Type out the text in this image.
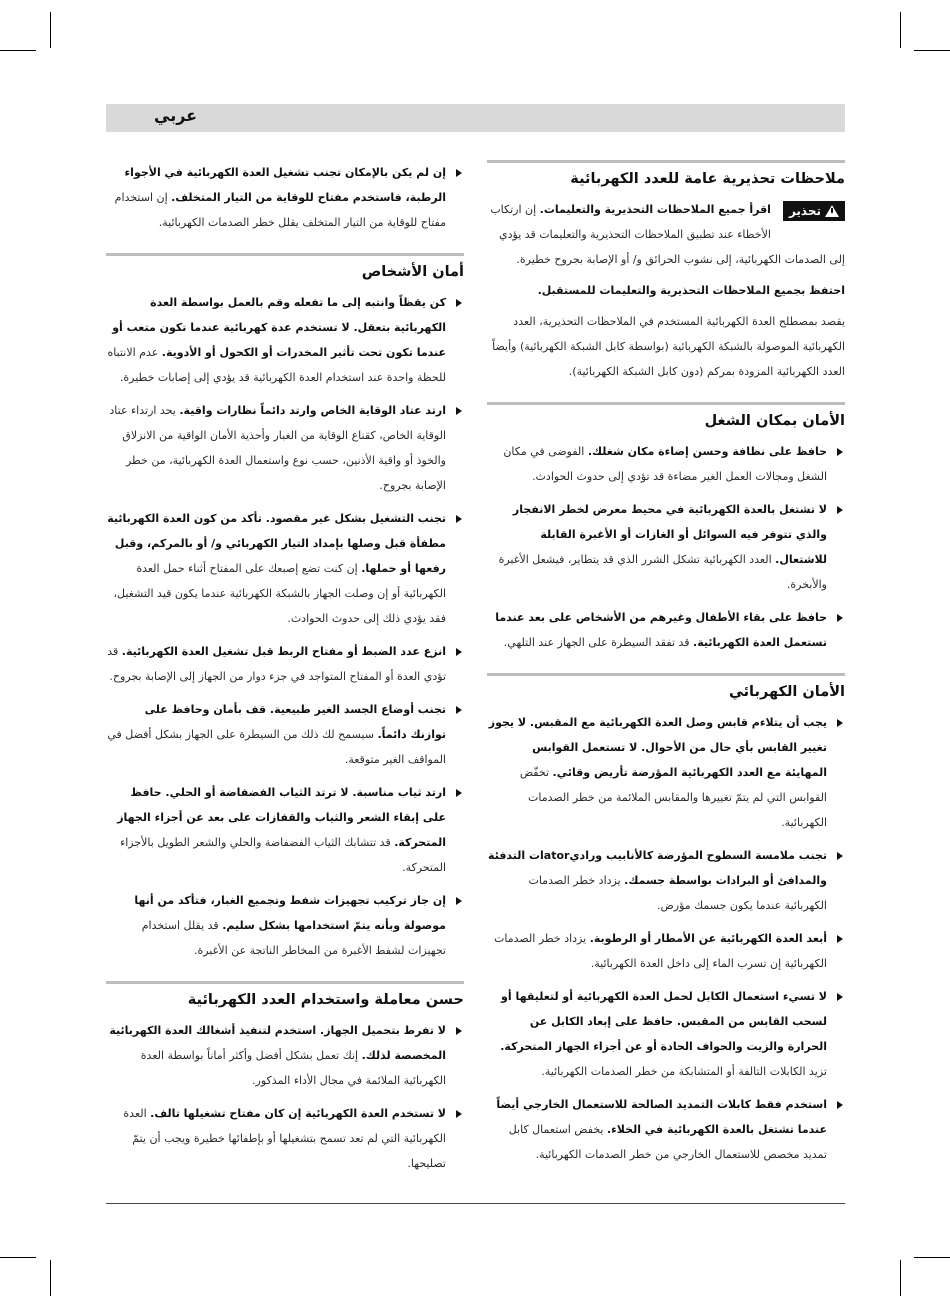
عربي
ملاحظات تحذيرية عامة للعدد الكهربائية
تحذير

اقرأ جميع الملاحظات التحذيرية والتعليمات. إن ارتكاب الأخطاء عند تطبيق الملاحظات التحذيرية والتعليمات قد يؤدي إلى الصدمات الكهربائية، إلى نشوب الحرائق و/ أو الإصابة بجروح خطيرة.

احتفظ بجميع الملاحظات التحذيرية والتعليمات للمستقبل.

يقصد بمصطلح العدة الكهربائية المستخدم في الملاحظات التحذيرية، العدد الكهربائية الموصولة بالشبكة الكهربائية (بواسطة كابل الشبكة الكهربائية) وأيضاً العدد الكهربائية المزودة بمركم (دون كابل الشبكة الكهربائية).

الأمان بمكان الشغل
حافظ على نظافة وحسن إضاءة مكان شغلك. الفوضى في مكان الشغل ومجالات العمل الغير مضاءة قد تؤدي إلى حدوث الحوادث.
لا تشتغل بالعدة الكهربائية في محيط معرض لخطر الانفجار والذي تتوفر فيه السوائل أو الغازات أو الأغبرة القابلة للاشتعال. العدد الكهربائية تشكل الشرر الذي قد يتطاير، فيشعل الأغبرة والأبخرة.
حافظ على بقاء الأطفال وغيرهم من الأشخاص على بعد عندما تستعمل العدة الكهربائية. قد تفقد السيطرة على الجهاز عند التلهي.
الأمان الكهربائي
يجب أن يتلاءم قابس وصل العدة الكهربائية مع المقبس. لا يجوز تغيير القابس بأي حال من الأحوال. لا تستعمل القوابس المهايئة مع العدد الكهربائية المؤرضة تأريض وقائي. تخفّض القوابس التي لم يتمّ تغييرها والمقابس الملائمة من خطر الصدمات الكهربائية.
تجنب ملامسة السطوح المؤرضة كالأنابيب وراديatorات التدفئة والمدافئ أو البرادات بواسطة جسمك. يزداد خطر الصدمات الكهربائية عندما يكون جسمك مؤرض.
أبعد العدة الكهربائية عن الأمطار أو الرطوبة. يزداد خطر الصدمات الكهربائية إن تسرب الماء إلى داخل العدة الكهربائية.
لا تسيء استعمال الكابل لحمل العدة الكهربائية أو لتعليقها أو لسحب القابس من المقبس. حافظ على إبعاد الكابل عن الحرارة والزيت والحواف الحادة أو عن أجزاء الجهاز المتحركة. تزيد الكابلات التالفة أو المتشابكة من خطر الصدمات الكهربائية.
استخدم فقط كابلات التمديد الصالحة للاستعمال الخارجي أيضاً عندما تشتغل بالعدة الكهربائية في الخلاء. يخفض استعمال كابل تمديد مخصص للاستعمال الخارجي من خطر الصدمات الكهربائية.
إن لم يكن بالإمكان تجنب تشغيل العدة الكهربائية في الأجواء الرطبة، فاستخدم مفتاح للوقاية من التيار المتخلف. إن استخدام مفتاح للوقاية من التيار المتخلف يقلل خطر الصدمات الكهربائية.
أمان الأشخاص
كن يقظاً وانتبه إلى ما تفعله وقم بالعمل بواسطة العدة الكهربائية بتعقل. لا تستخدم عدة كهربائية عندما تكون متعب أو عندما تكون تحت تأثير المخدرات أو الكحول أو الأدوية. عدم الانتباه للحظة واحدة عند استخدام العدة الكهربائية قد يؤدي إلى إصابات خطيرة.
ارتد عتاد الوقاية الخاص وارتد دائماً نظارات واقية. يحد ارتداء عتاد الوقاية الخاص، كقناع الوقاية من الغبار وأحذية الأمان الواقية من الانزلاق والخوذ أو واقية الأذنين، حسب نوع واستعمال العدة الكهربائية، من خطر الإصابة بجروح.
تجنب التشغيل بشكل غير مقصود. تأكد من كون العدة الكهربائية مطفأة قبل وصلها بإمداد التيار الكهربائي و/ أو بالمركم، وقبل رفعها أو حملها. إن كنت تضع إصبعك على المفتاح أثناء حمل العدة الكهربائية أو إن وصلت الجهاز بالشبكة الكهربائية عندما يكون قيد التشغيل، فقد يؤدي ذلك إلى حدوث الحوادث.
انزع عدد الضبط أو مفتاح الربط قبل تشغيل العدة الكهربائية. قد تؤدي العدة أو المفتاح المتواجد في جزء دوار من الجهاز إلى الإصابة بجروح.
تجنب أوضاع الجسد الغير طبيعية. قف بأمان وحافظ على توازنك دائماً. سيسمح لك ذلك من السيطرة على الجهاز بشكل أفضل في المواقف الغير متوقعة.
ارتد ثياب مناسبة. لا ترتد الثياب الفضفاضة أو الحلي. حافظ على إبقاء الشعر والثياب والقفازات على بعد عن أجزاء الجهاز المتحركة. قد تتشابك الثياب الفضفاضة والحلي والشعر الطويل بالأجزاء المتحركة.
إن جاز تركيب تجهيزات شفط وتجميع الغبار، فتأكد من أنها موصولة وبأنه يتمّ استخدامها بشكل سليم. قد يقلل استخدام تجهيزات لشفط الأغبرة من المخاطر الناتجة عن الأغبرة.
حسن معاملة واستخدام العدد الكهربائية
لا تفرط بتحميل الجهاز. استخدم لتنفيذ أشغالك العدة الكهربائية المخصصة لذلك. إنك تعمل بشكل أفضل وأكثر أماناً بواسطة العدة الكهربائية الملائمة في مجال الأداء المذكور.
لا تستخدم العدة الكهربائية إن كان مفتاح تشغيلها تالف. العدة الكهربائية التي لم تعد تسمح بتشغيلها أو بإطفائها خطيرة ويجب أن يتمّ تصليحها.
